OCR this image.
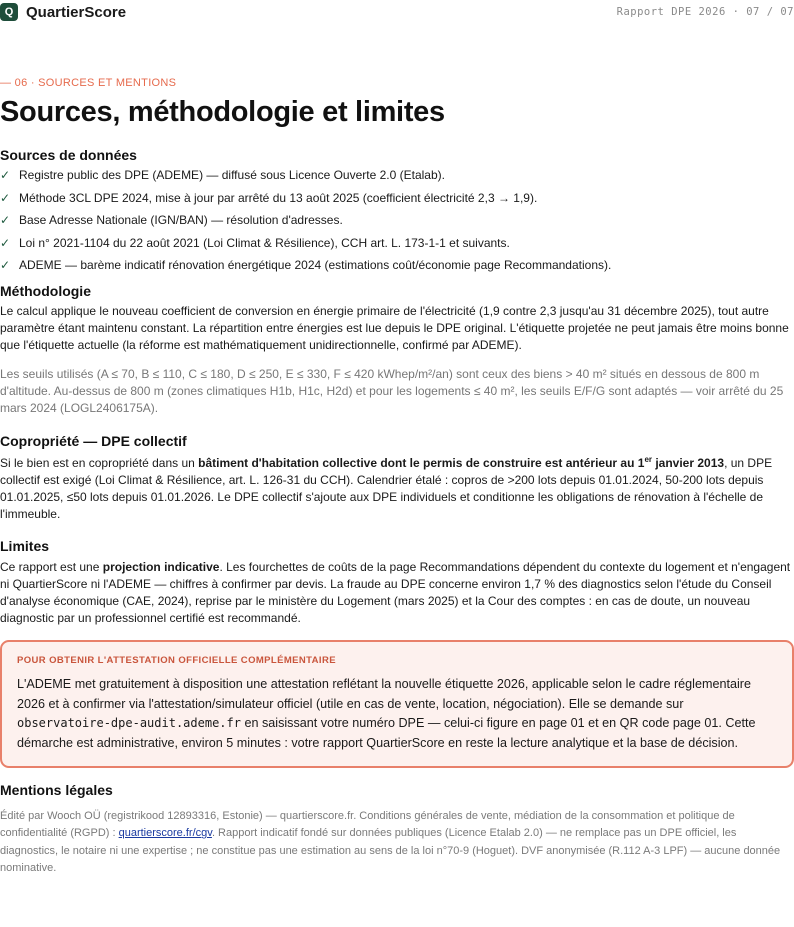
Q QuartierScore	Rapport DPE 2026 · 07 / 07
— 06 · SOURCES ET MENTIONS
Sources, méthodologie et limites
Sources de données
✓ Registre public des DPE (ADEME) — diffusé sous Licence Ouverte 2.0 (Etalab).
✓ Méthode 3CL DPE 2024, mise à jour par arrêté du 13 août 2025 (coefficient électricité 2,3 → 1,9).
✓ Base Adresse Nationale (IGN/BAN) — résolution d'adresses.
✓ Loi n° 2021-1104 du 22 août 2021 (Loi Climat & Résilience), CCH art. L. 173-1-1 et suivants.
✓ ADEME — barème indicatif rénovation énergétique 2024 (estimations coût/économie page Recommandations).
Méthodologie

Le calcul applique le nouveau coefficient de conversion en énergie primaire de l'électricité (1,9 contre 2,3 jusqu'au 31 décembre 2025), tout autre paramètre étant maintenu constant. La répartition entre énergies est lue depuis le DPE original. L'étiquette projetée ne peut jamais être moins bonne que l'étiquette actuelle (la réforme est mathématiquement unidirectionnelle, confirmé par ADEME).

Les seuils utilisés (A ≤ 70, B ≤ 110, C ≤ 180, D ≤ 250, E ≤ 330, F ≤ 420 kWhep/m²/an) sont ceux des biens > 40 m² situés en dessous de 800 m d'altitude. Au-dessus de 800 m (zones climatiques H1b, H1c, H2d) et pour les logements ≤ 40 m², les seuils E/F/G sont adaptés — voir arrêté du 25 mars 2024 (LOGL2406175A).

Copropriété — DPE collectif

Si le bien est en copropriété dans un bâtiment d'habitation collective dont le permis de construire est antérieur au 1er janvier 2013, un DPE collectif est exigé (Loi Climat & Résilience, art. L. 126-31 du CCH). Calendrier étalé : copros de >200 lots depuis 01.01.2024, 50-200 lots depuis 01.01.2025, ≤50 lots depuis 01.01.2026. Le DPE collectif s'ajoute aux DPE individuels et conditionne les obligations de rénovation à l'échelle de l'immeuble.

Limites

Ce rapport est une projection indicative. Les fourchettes de coûts de la page Recommandations dépendent du contexte du logement et n'engagent ni QuartierScore ni l'ADEME — chiffres à confirmer par devis. La fraude au DPE concerne environ 1,7 % des diagnostics selon l'étude du Conseil d'analyse économique (CAE, 2024), reprise par le ministère du Logement (mars 2025) et la Cour des comptes : en cas de doute, un nouveau diagnostic par un professionnel certifié est recommandé.

POUR OBTENIR L'ATTESTATION OFFICIELLE COMPLÉMENTAIRE

L'ADEME met gratuitement à disposition une attestation reflétant la nouvelle étiquette 2026, applicable selon le cadre réglementaire 2026 et à confirmer via l'attestation/simulateur officiel (utile en cas de vente, location, négociation). Elle se demande sur observatoire-dpe-audit.ademe.fr en saisissant votre numéro DPE — celui-ci figure en page 01 et en QR code page 01. Cette démarche est administrative, environ 5 minutes : votre rapport QuartierScore en reste la lecture analytique et la base de décision.

Mentions légales

Édité par Wooch OÜ (registrikood 12893316, Estonie) — quartierscore.fr. Conditions générales de vente, médiation de la consommation et politique de confidentialité (RGPD) : quartierscore.fr/cgv. Rapport indicatif fondé sur données publiques (Licence Etalab 2.0) — ne remplace pas un DPE officiel, les diagnostics, le notaire ni une expertise ; ne constitue pas une estimation au sens de la loi n°70-9 (Hoguet). DVF anonymisée (R.112 A-3 LPF) — aucune donnée nominative.
